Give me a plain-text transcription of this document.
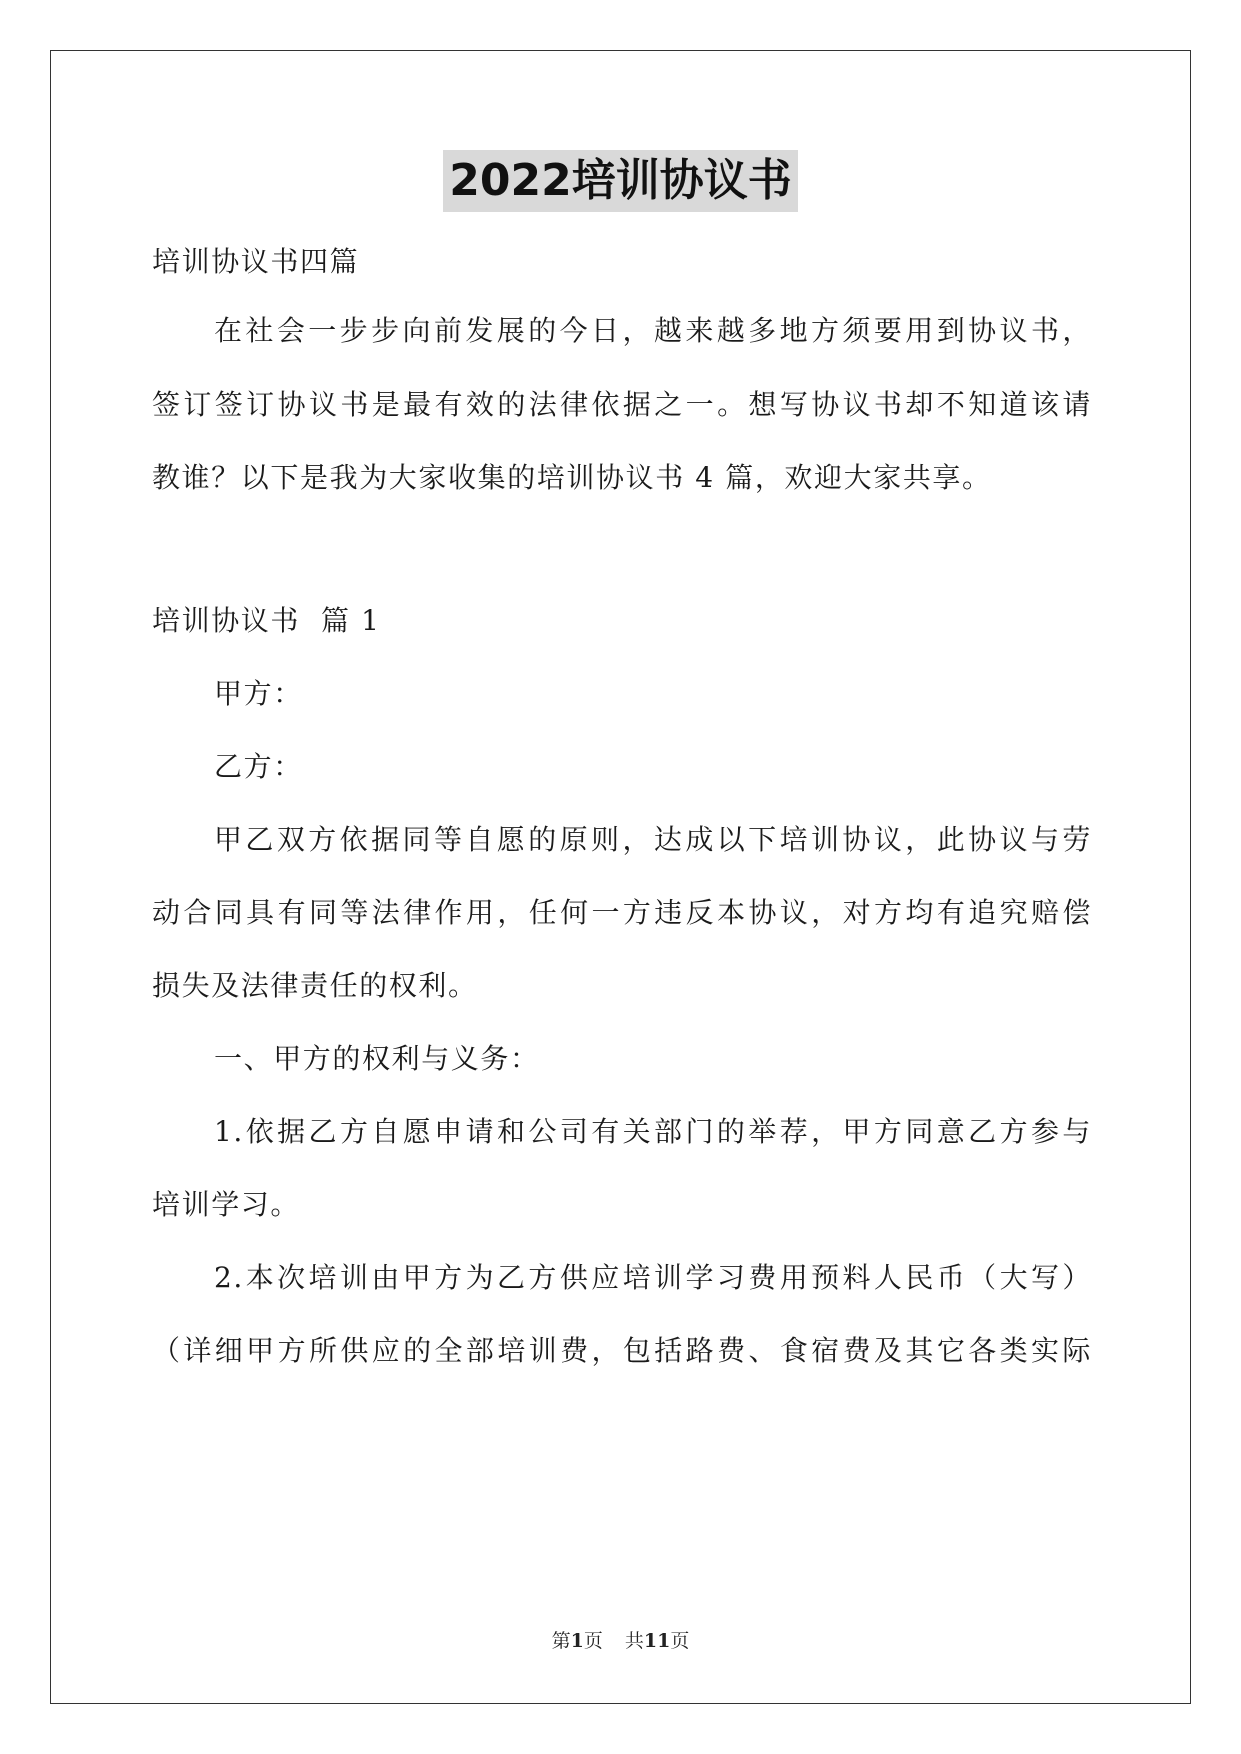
2022培训协议书
培训协议书四篇
在社会一步步向前发展的今日，越来越多地方须要用到协议书，
签订签订协议书是最有效的法律依据之一。想写协议书却不知道该请
教谁？以下是我为大家收集的培训协议书 4 篇，欢迎大家共享。
培训协议书  篇 1
甲方：
乙方：
甲乙双方依据同等自愿的原则，达成以下培训协议，此协议与劳
动合同具有同等法律作用，任何一方违反本协议，对方均有追究赔偿
损失及法律责任的权利。
一、甲方的权利与义务：
1.依据乙方自愿申请和公司有关部门的举荐，甲方同意乙方参与
培训学习。
2.本次培训由甲方为乙方供应培训学习费用预料人民币（大写）
（详细甲方所供应的全部培训费，包括路费、食宿费及其它各类实际
第1页 共11页
